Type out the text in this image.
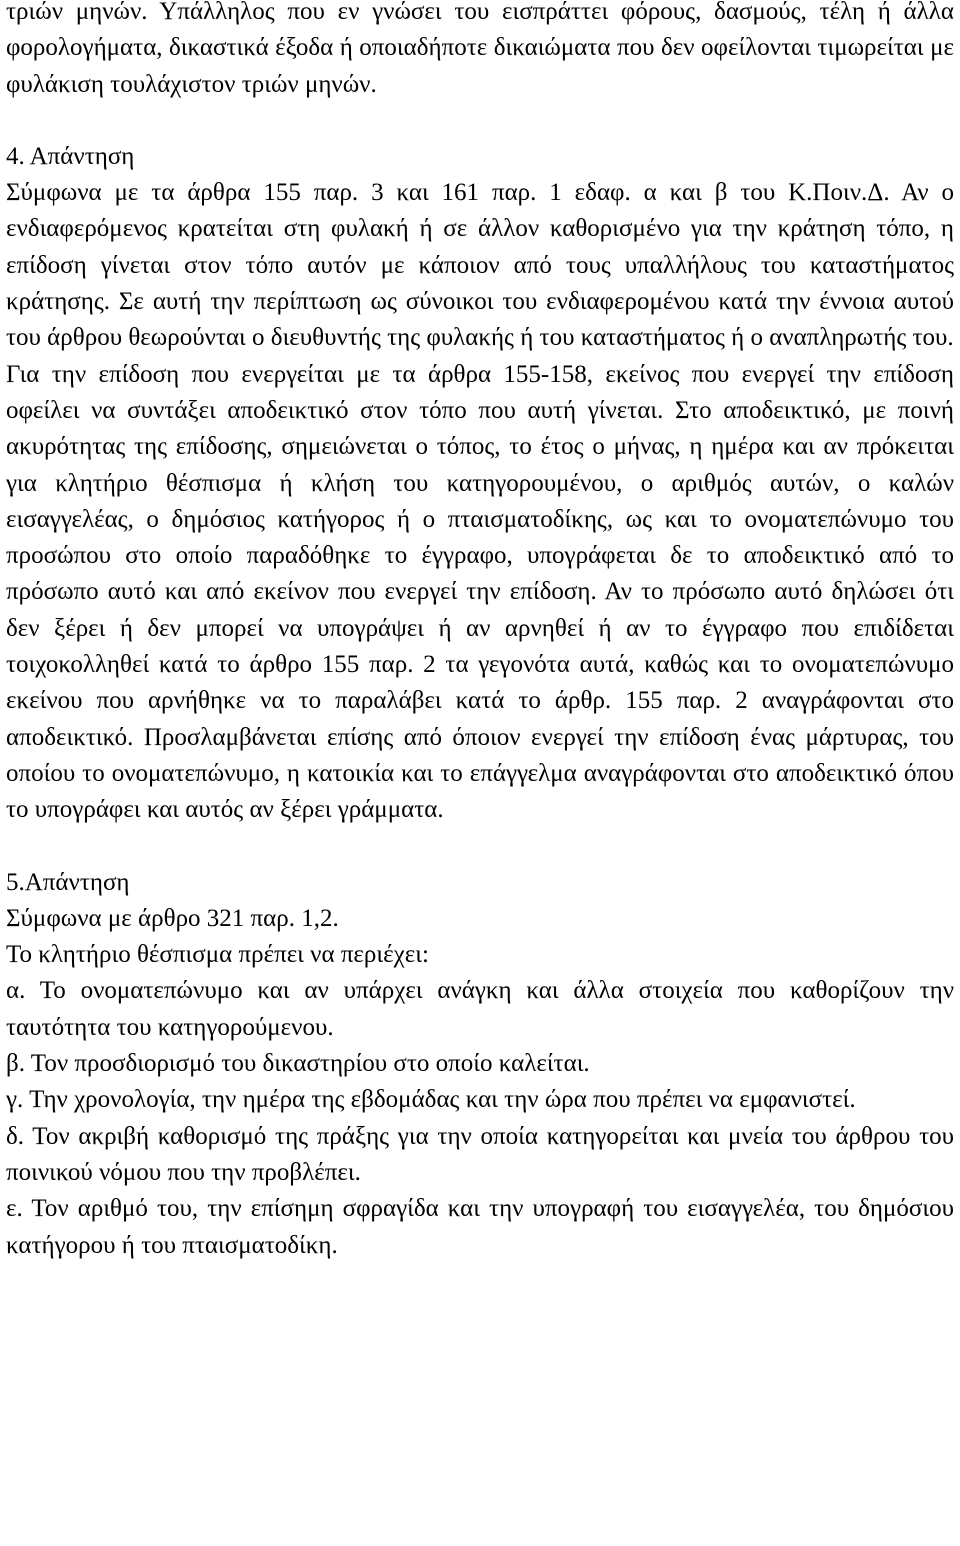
τριών μηνών. Υπάλληλος που εν γνώσει του εισπράττει φόρους, δασμούς, τέλη ή άλλα φορολογήματα, δικαστικά έξοδα ή οποιαδήποτε δικαιώματα που δεν οφείλονται τιμωρείται με φυλάκιση τουλάχιστον τριών μηνών.

4. Απάντηση

Σύμφωνα με τα άρθρα 155 παρ. 3 και 161 παρ. 1 εδαφ. α και β του Κ.Ποιν.Δ. Αν ο ενδιαφερόμενος κρατείται στη φυλακή ή σε άλλον καθορισμένο για την κράτηση τόπο, η επίδοση γίνεται στον τόπο αυτόν με κάποιον από τους υπαλλήλους του καταστήματος κράτησης. Σε αυτή την περίπτωση ως σύνοικοι του ενδιαφερομένου κατά την έννοια αυτού του άρθρου θεωρούνται ο διευθυντής της φυλακής ή του καταστήματος ή ο αναπληρωτής του.

Για την επίδοση που ενεργείται με τα άρθρα 155-158, εκείνος που ενεργεί την επίδοση οφείλει να συντάξει αποδεικτικό στον τόπο που αυτή γίνεται. Στο αποδεικτικό, με ποινή ακυρότητας της επίδοσης, σημειώνεται ο τόπος, το έτος ο μήνας, η ημέρα και αν πρόκειται για κλητήριο θέσπισμα ή κλήση του κατηγορουμένου, ο αριθμός αυτών, ο καλών εισαγγελέας, ο δημόσιος κατήγορος ή ο πταισματοδίκης, ως και το ονοματεπώνυμο του προσώπου στο οποίο παραδόθηκε το έγγραφο, υπογράφεται δε το αποδεικτικό από το πρόσωπο αυτό και από εκείνον που ενεργεί την επίδοση. Αν το πρόσωπο αυτό δηλώσει ότι δεν ξέρει ή δεν μπορεί να υπογράψει ή αν αρνηθεί ή αν το έγγραφο που επιδίδεται τοιχοκολληθεί κατά το άρθρο 155 παρ. 2 τα γεγονότα αυτά, καθώς και το ονοματεπώνυμο εκείνου που αρνήθηκε να το παραλάβει κατά το άρθρ. 155 παρ. 2 αναγράφονται στο αποδεικτικό. Προσλαμβάνεται επίσης από όποιον ενεργεί την επίδοση ένας μάρτυρας, του οποίου το ονοματεπώνυμο, η κατοικία και το επάγγελμα αναγράφονται στο αποδεικτικό όπου το υπογράφει και αυτός αν ξέρει γράμματα.

5.Απάντηση

Σύμφωνα με άρθρο 321 παρ. 1,2.

Το κλητήριο θέσπισμα πρέπει να περιέχει:

α. Το ονοματεπώνυμο και αν υπάρχει ανάγκη και άλλα στοιχεία που καθορίζουν την ταυτότητα του κατηγορούμενου.

β. Τον προσδιορισμό του δικαστηρίου στο οποίο καλείται.

γ. Την χρονολογία, την ημέρα της εβδομάδας και την ώρα που πρέπει να εμφανιστεί.

δ. Τον ακριβή καθορισμό της πράξης για την οποία κατηγορείται και μνεία του άρθρου του ποινικού νόμου που την προβλέπει.

ε. Τον αριθμό του, την επίσημη σφραγίδα και την υπογραφή του εισαγγελέα, του δημόσιου κατήγορου ή του πταισματοδίκη.
